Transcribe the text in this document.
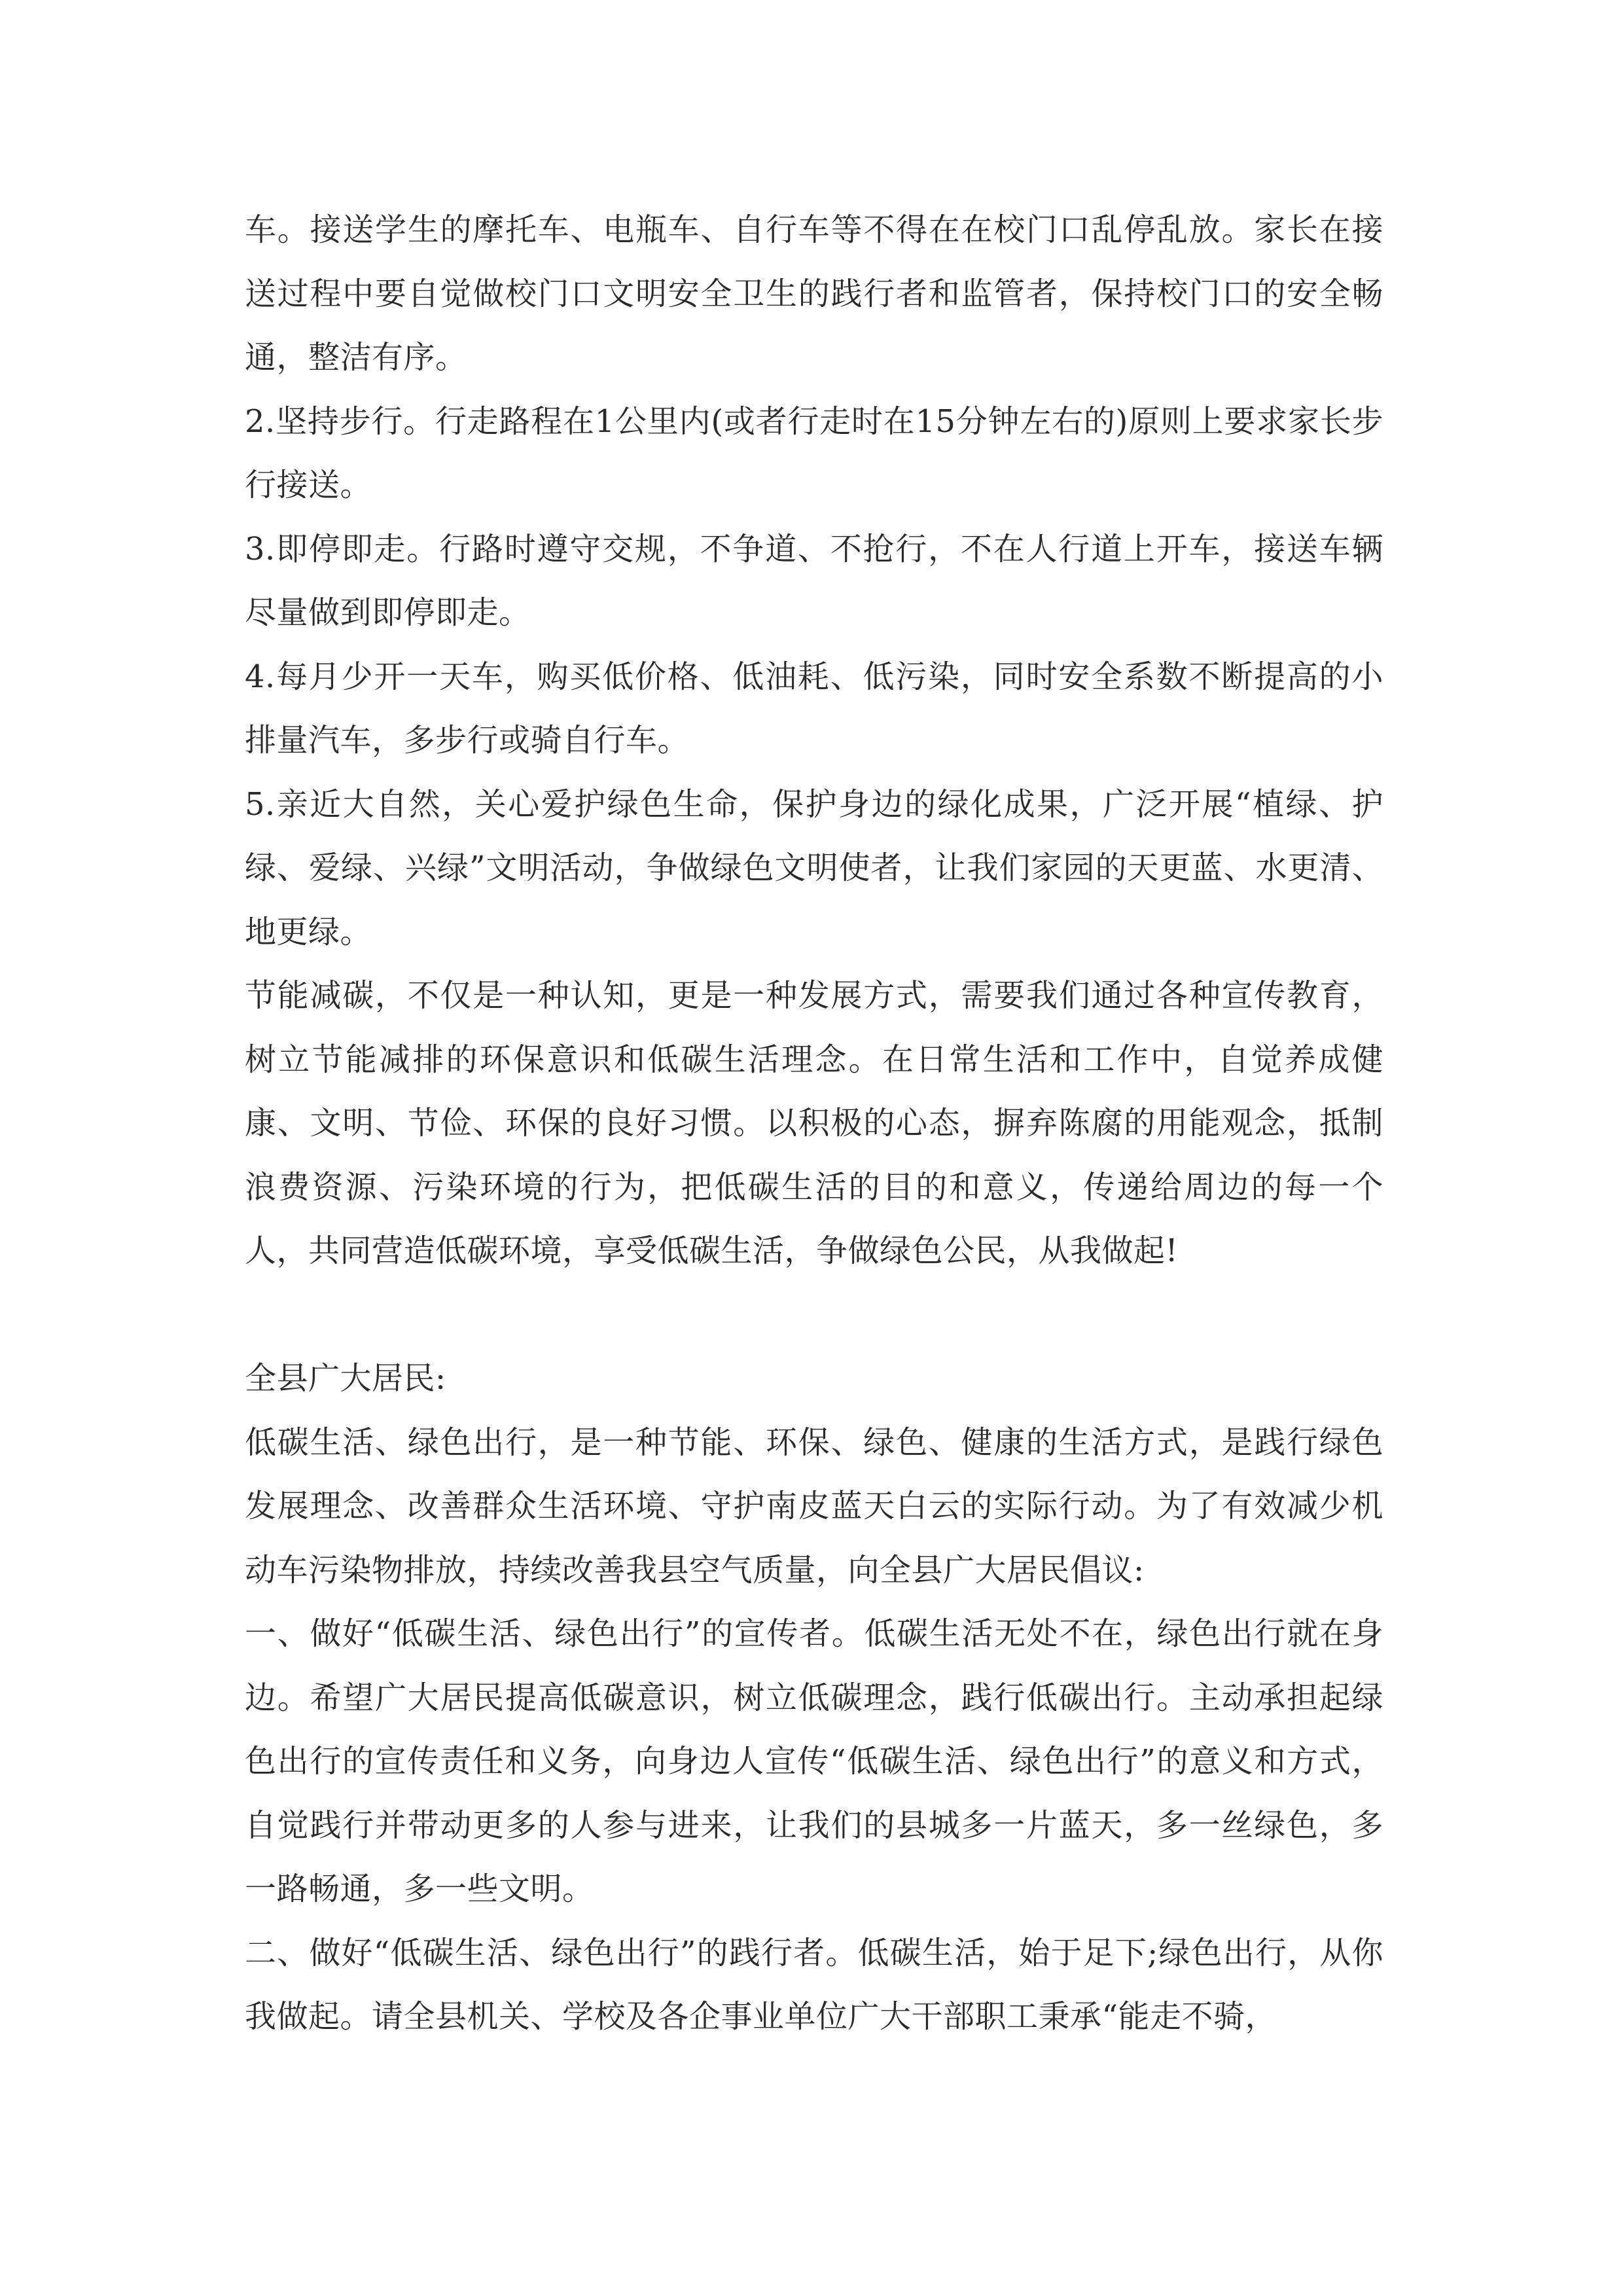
车。接送学生的摩托车、电瓶车、自行车等不得在在校门口乱停乱放。家长在接送过程中要自觉做校门口文明安全卫生的践行者和监管者，保持校门口的安全畅通，整洁有序。

2.坚持步行。行走路程在1公里内(或者行走时在15分钟左右的)原则上要求家长步行接送。

3.即停即走。行路时遵守交规，不争道、不抢行，不在人行道上开车，接送车辆尽量做到即停即走。

4.每月少开一天车，购买低价格、低油耗、低污染，同时安全系数不断提高的小排量汽车，多步行或骑自行车。

5.亲近大自然，关心爱护绿色生命，保护身边的绿化成果，广泛开展“植绿、护绿、爱绿、兴绿”文明活动，争做绿色文明使者，让我们家园的天更蓝、水更清、地更绿。

节能减碳，不仅是一种认知，更是一种发展方式，需要我们通过各种宣传教育，树立节能减排的环保意识和低碳生活理念。在日常生活和工作中，自觉养成健康、文明、节俭、环保的良好习惯。以积极的心态，摒弃陈腐的用能观念，抵制浪费资源、污染环境的行为，把低碳生活的目的和意义，传递给周边的每一个人，共同营造低碳环境，享受低碳生活，争做绿色公民，从我做起!

全县广大居民:

低碳生活、绿色出行，是一种节能、环保、绿色、健康的生活方式，是践行绿色发展理念、改善群众生活环境、守护南皮蓝天白云的实际行动。为了有效减少机动车污染物排放，持续改善我县空气质量，向全县广大居民倡议:

一、做好“低碳生活、绿色出行”的宣传者。低碳生活无处不在，绿色出行就在身边。希望广大居民提高低碳意识，树立低碳理念，践行低碳出行。主动承担起绿色出行的宣传责任和义务，向身边人宣传“低碳生活、绿色出行”的意义和方式，自觉践行并带动更多的人参与进来，让我们的县城多一片蓝天，多一丝绿色，多一路畅通，多一些文明。

二、做好“低碳生活、绿色出行”的践行者。低碳生活，始于足下;绿色出行，从你我做起。请全县机关、学校及各企事业单位广大干部职工秉承“能走不骑，
